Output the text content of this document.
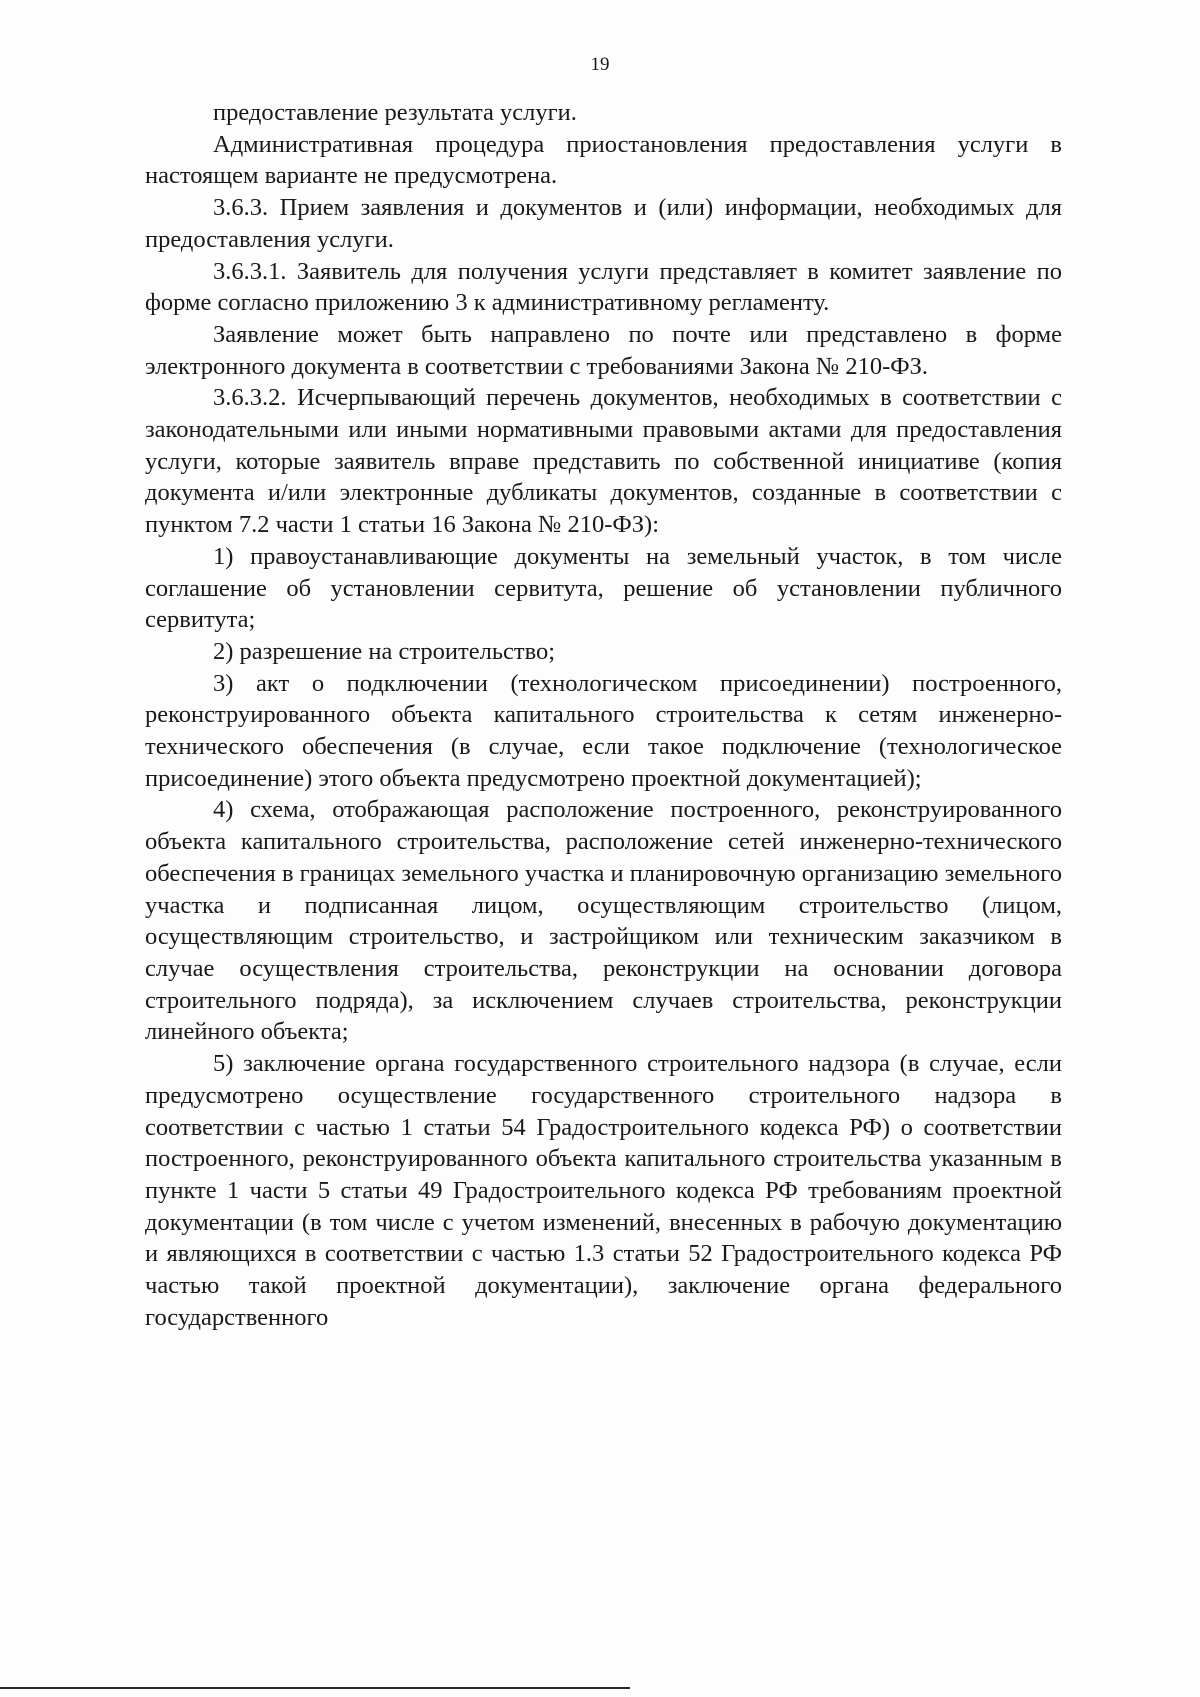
19

предоставление результата услуги.

Административная процедура приостановления предоставления услуги в настоящем варианте не предусмотрена.

3.6.3. Прием заявления и документов и (или) информации, необходимых для предоставления услуги.

3.6.3.1. Заявитель для получения услуги представляет в комитет заявление по форме согласно приложению 3 к административному регламенту.

Заявление может быть направлено по почте или представлено в форме электронного документа в соответствии с требованиями Закона № 210-ФЗ.

3.6.3.2. Исчерпывающий перечень документов, необходимых в соответствии с законодательными или иными нормативными правовыми актами для предоставления услуги, которые заявитель вправе представить по собственной инициативе (копия документа и/или электронные дубликаты документов, созданные в соответствии с пунктом 7.2 части 1 статьи 16 Закона № 210-ФЗ):

1) правоустанавливающие документы на земельный участок, в том числе соглашение об установлении сервитута, решение об установлении публичного сервитута;

2) разрешение на строительство;

3) акт о подключении (технологическом присоединении) построенного, реконструированного объекта капитального строительства к сетям инженерно-технического обеспечения (в случае, если такое подключение (технологическое присоединение) этого объекта предусмотрено проектной документацией);

4) схема, отображающая расположение построенного, реконструированного объекта капитального строительства, расположение сетей инженерно-технического обеспечения в границах земельного участка и планировочную организацию земельного участка и подписанная лицом, осуществляющим строительство (лицом, осуществляющим строительство, и застройщиком или техническим заказчиком в случае осуществления строительства, реконструкции на основании договора строительного подряда), за исключением случаев строительства, реконструкции линейного объекта;

5) заключение органа государственного строительного надзора (в случае, если предусмотрено осуществление государственного строительного надзора в соответствии с частью 1 статьи 54 Градостроительного кодекса РФ) о соответствии построенного, реконструированного объекта капитального строительства указанным в пункте 1 части 5 статьи 49 Градостроительного кодекса РФ требованиям проектной документации (в том числе с учетом изменений, внесенных в рабочую документацию и являющихся в соответствии с частью 1.3 статьи 52 Градостроительного кодекса РФ частью такой проектной документации), заключение органа федерального государственного
